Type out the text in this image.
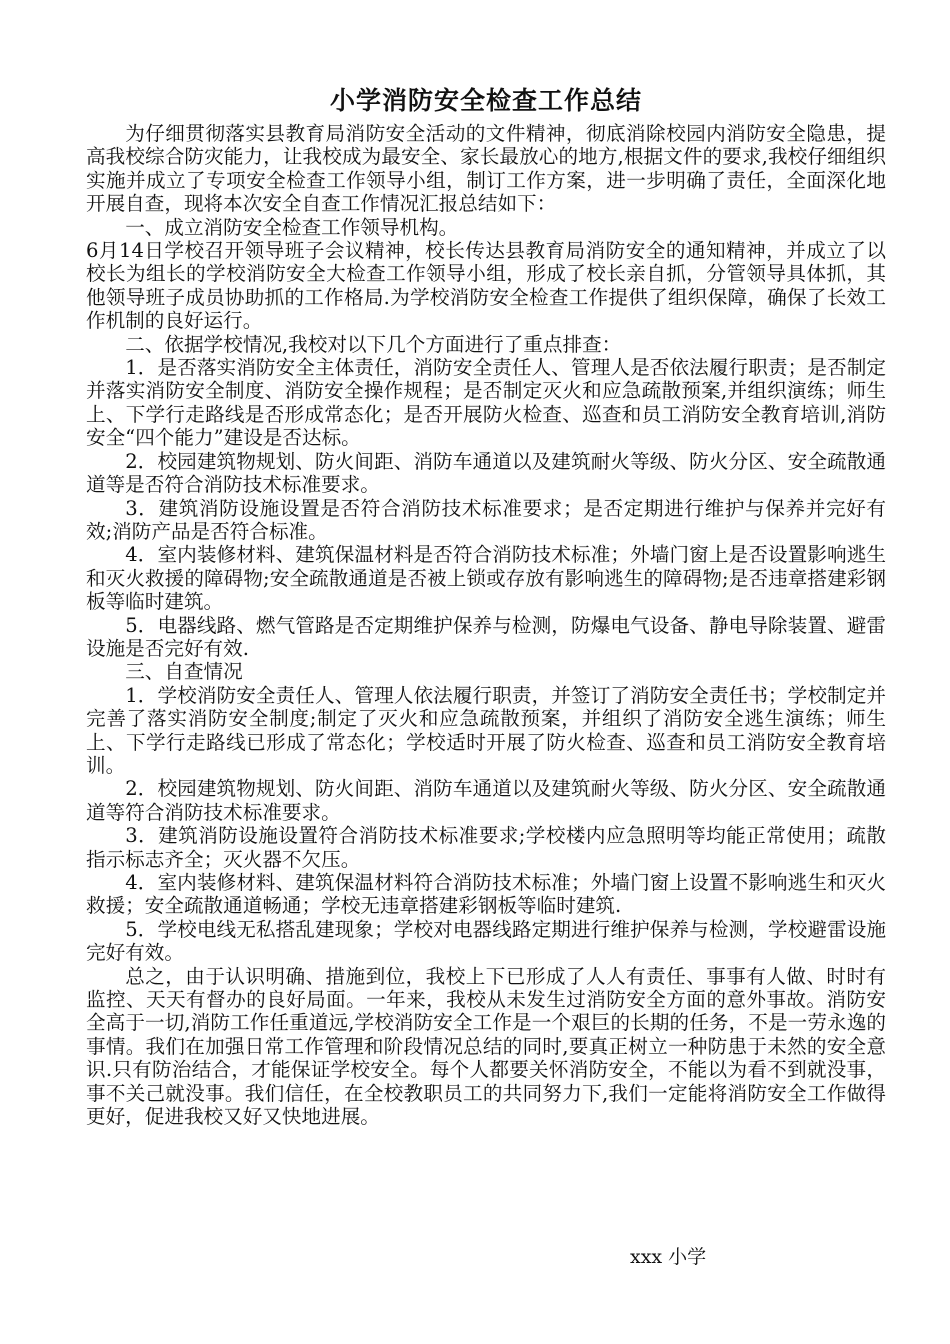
小学消防安全检查工作总结

为仔细贯彻落实县教育局消防安全活动的文件精神，彻底消除校园内消防安全隐患，提高我校综合防灾能力，让我校成为最安全、家长最放心的地方,根据文件的要求,我校仔细组织实施并成立了专项安全检查工作领导小组，制订工作方案，进一步明确了责任，全面深化地开展自查，现将本次安全自查工作情况汇报总结如下：

一、成立消防安全检查工作领导机构。

6月14日学校召开领导班子会议精神，校长传达县教育局消防安全的通知精神，并成立了以校长为组长的学校消防安全大检查工作领导小组，形成了校长亲自抓，分管领导具体抓，其他领导班子成员协助抓的工作格局.为学校消防安全检查工作提供了组织保障，确保了长效工作机制的良好运行。

二、依据学校情况,我校对以下几个方面进行了重点排查：

1．是否落实消防安全主体责任，消防安全责任人、管理人是否依法履行职责；是否制定并落实消防安全制度、消防安全操作规程；是否制定灭火和应急疏散预案,并组织演练；师生上、下学行走路线是否形成常态化；是否开展防火检查、巡查和员工消防安全教育培训,消防安全“四个能力”建设是否达标。

2．校园建筑物规划、防火间距、消防车通道以及建筑耐火等级、防火分区、安全疏散通道等是否符合消防技术标准要求。

3．建筑消防设施设置是否符合消防技术标准要求；是否定期进行维护与保养并完好有效;消防产品是否符合标准。

4．室内装修材料、建筑保温材料是否符合消防技术标准；外墙门窗上是否设置影响逃生和灭火救援的障碍物;安全疏散通道是否被上锁或存放有影响逃生的障碍物;是否违章搭建彩钢板等临时建筑。

5．电器线路、燃气管路是否定期维护保养与检测，防爆电气设备、静电导除装置、避雷设施是否完好有效.

三、自查情况

1．学校消防安全责任人、管理人依法履行职责，并签订了消防安全责任书；学校制定并完善了落实消防安全制度;制定了灭火和应急疏散预案，并组织了消防安全逃生演练；师生上、下学行走路线已形成了常态化；学校适时开展了防火检查、巡查和员工消防安全教育培训。

2．校园建筑物规划、防火间距、消防车通道以及建筑耐火等级、防火分区、安全疏散通道等符合消防技术标准要求。

3．建筑消防设施设置符合消防技术标准要求;学校楼内应急照明等均能正常使用；疏散指示标志齐全；灭火器不欠压。

4．室内装修材料、建筑保温材料符合消防技术标准；外墙门窗上设置不影响逃生和灭火救援；安全疏散通道畅通；学校无违章搭建彩钢板等临时建筑.

5．学校电线无私搭乱建现象；学校对电器线路定期进行维护保养与检测，学校避雷设施完好有效。

总之，由于认识明确、措施到位，我校上下已形成了人人有责任、事事有人做、时时有监控、天天有督办的良好局面。一年来，我校从未发生过消防安全方面的意外事故。消防安全高于一切,消防工作任重道远,学校消防安全工作是一个艰巨的长期的任务，不是一劳永逸的事情。我们在加强日常工作管理和阶段情况总结的同时,要真正树立一种防患于未然的安全意识.只有防治结合，才能保证学校安全。每个人都要关怀消防安全，不能以为看不到就没事，事不关己就没事。我们信任，在全校教职员工的共同努力下,我们一定能将消防安全工作做得更好，促进我校又好又快地进展。

xxx 小学
